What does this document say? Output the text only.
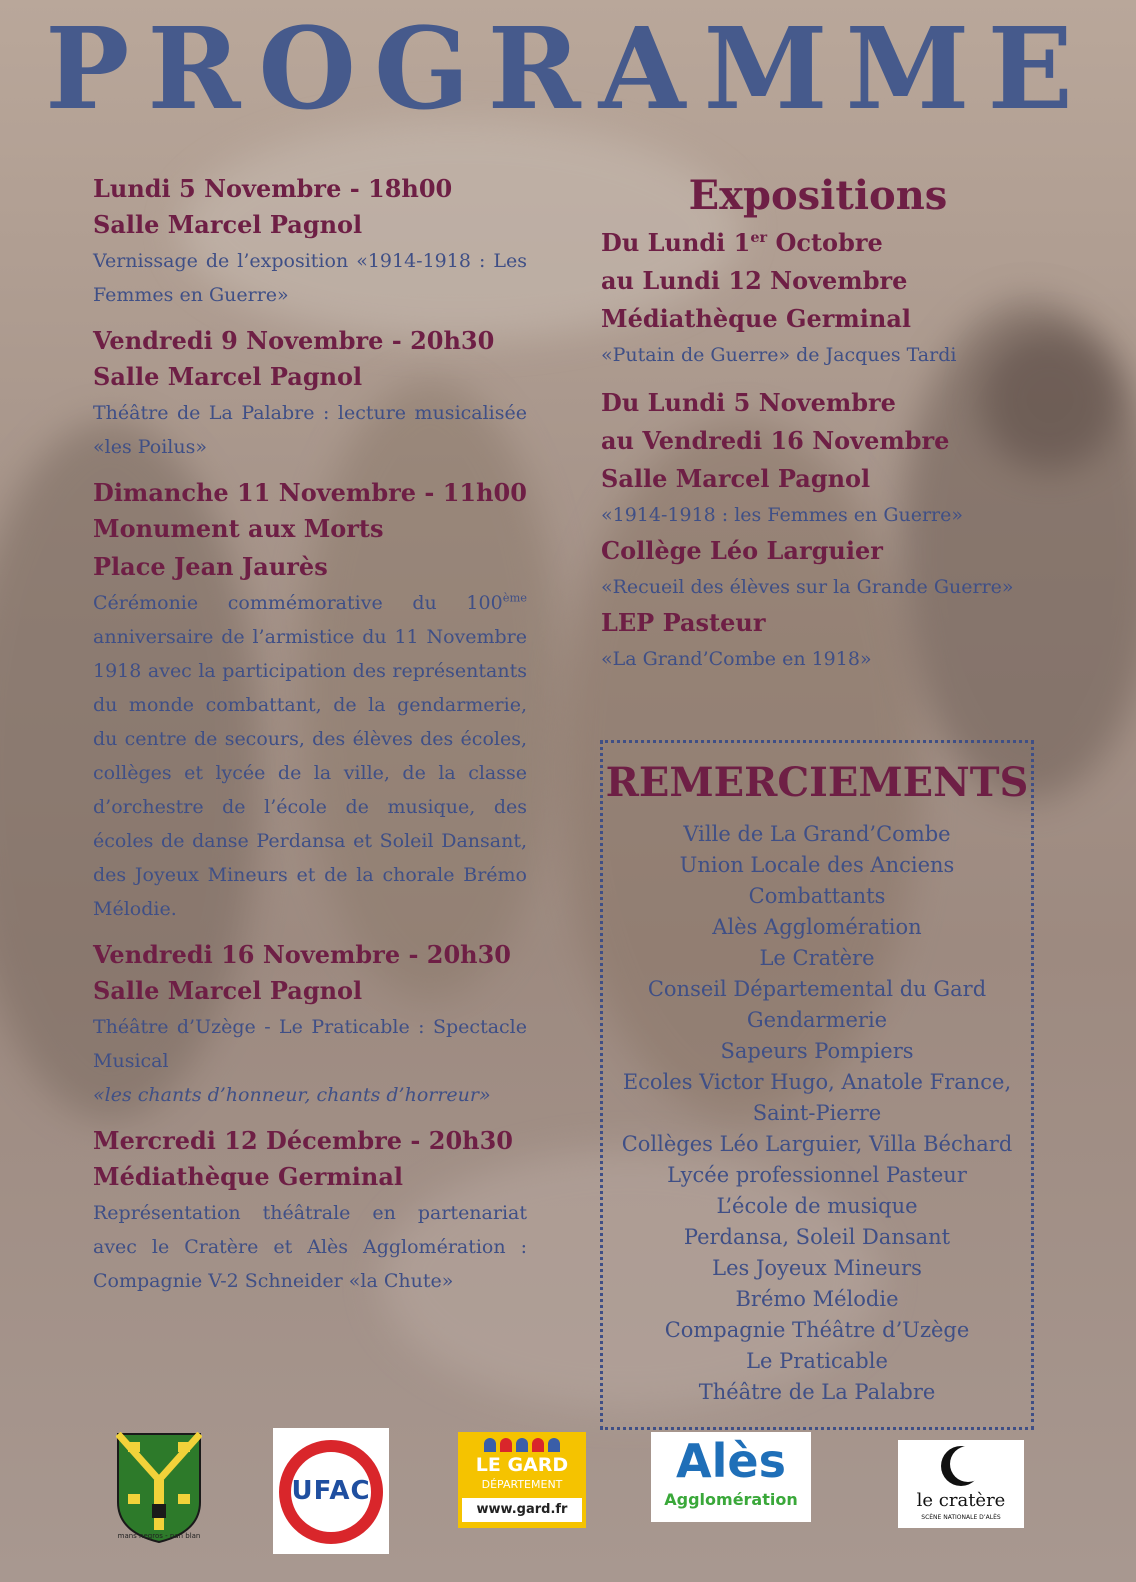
PROGRAMME

Lundi 5 Novembre - 18h00

Salle Marcel Pagnol

Vernissage de l’exposition «1914-1918 : Les Femmes en Guerre»

Vendredi 9 Novembre - 20h30

Salle Marcel Pagnol

Théâtre de La Palabre : lecture musicalisée «les Poilus»

Dimanche 11 Novembre - 11h00

Monument aux Morts

Place Jean Jaurès

Cérémonie commémorative du 100ème anniversaire de l’armistice du 11 Novembre 1918 avec la participation des représentants du monde combattant, de la gendarmerie, du centre de secours, des élèves des écoles, collèges et lycée de la ville, de la classe d’orchestre de l’école de musique, des écoles de danse Perdansa et Soleil Dansant, des Joyeux Mineurs et de la chorale Brémo Mélodie.

Vendredi 16 Novembre - 20h30

Salle Marcel Pagnol

Théâtre d’Uzège - Le Praticable : Spectacle Musical

«les chants d’honneur, chants d’horreur»

Mercredi 12 Décembre - 20h30

Médiathèque Germinal

Représentation théâtrale en partenariat avec le Cratère et Alès Agglomération : Compagnie V-2 Schneider «la Chute»

Expositions

Du Lundi 1er Octobre

au Lundi 12 Novembre

Médiathèque Germinal

«Putain de Guerre» de Jacques Tardi

Du Lundi 5 Novembre

au Vendredi 16 Novembre

Salle Marcel Pagnol

«1914-1918 : les Femmes en Guerre»

Collège Léo Larguier

«Recueil des élèves sur la Grande Guerre»

LEP Pasteur

«La Grand’Combe en 1918»

REMERCIEMENTS

Ville de La Grand’Combe
Union Locale des Anciens
Combattants
Alès Agglomération
Le Cratère
Conseil Départemental du Gard
Gendarmerie
Sapeurs Pompiers
Ecoles Victor Hugo, Anatole France,
Saint-Pierre
Collèges Léo Larguier, Villa Béchard
Lycée professionnel Pasteur
L’école de musique
Perdansa, Soleil Dansant
Les Joyeux Mineurs
Brémo Mélodie
Compagnie Théâtre d’Uzège
Le Praticable
Théâtre de La Palabre
mans negros - pan blan
UFAC
LE GARD
DÉPARTEMENT
www.gard.fr
Alès
Agglomération	le cratère
SCÈNE NATIONALE D’ALÈS
